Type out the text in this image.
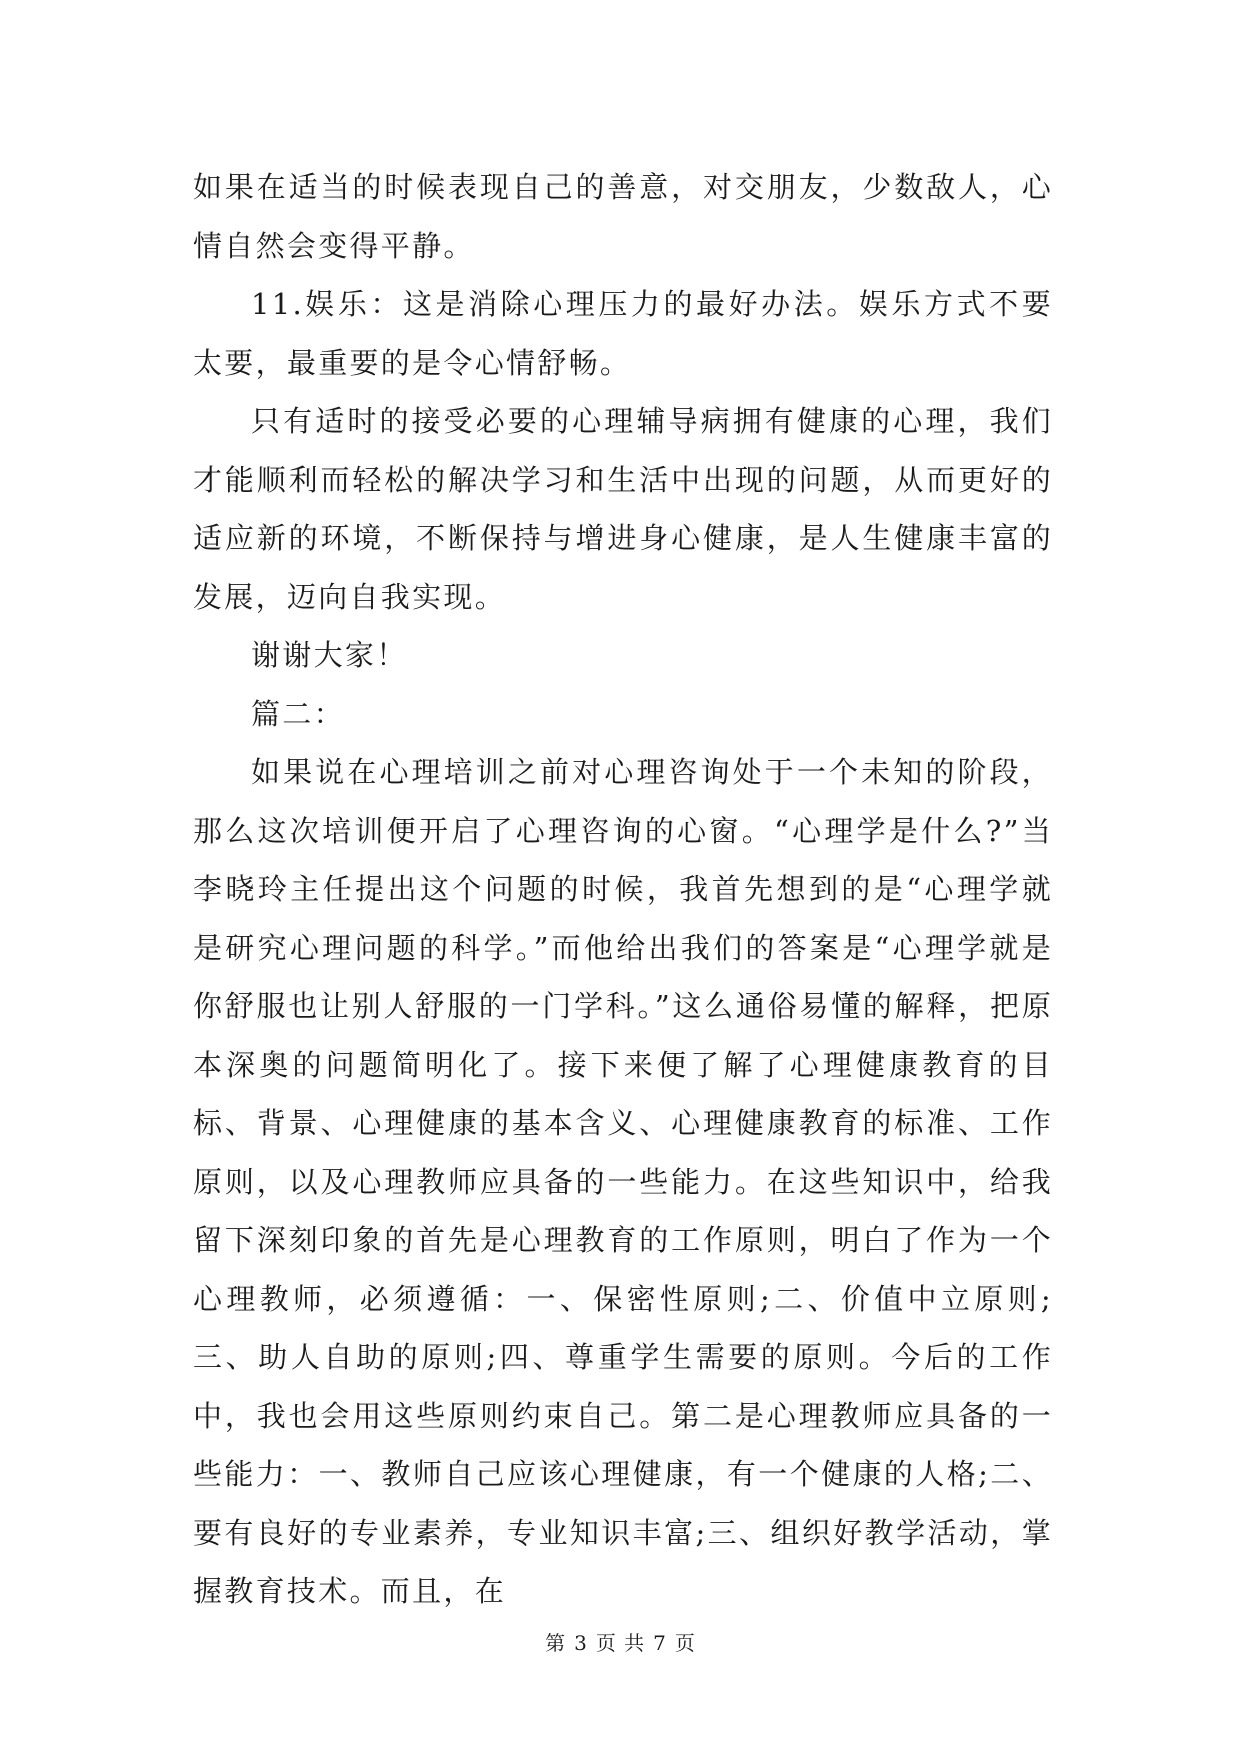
如果在适当的时候表现自己的善意，对交朋友，少数敌人，心情自然会变得平静。

11.娱乐：这是消除心理压力的最好办法。娱乐方式不要太要，最重要的是令心情舒畅。

只有适时的接受必要的心理辅导病拥有健康的心理，我们才能顺利而轻松的解决学习和生活中出现的问题，从而更好的适应新的环境，不断保持与增进身心健康，是人生健康丰富的发展，迈向自我实现。

谢谢大家！

篇二：

如果说在心理培训之前对心理咨询处于一个未知的阶段，那么这次培训便开启了心理咨询的心窗。“心理学是什么?”当李晓玲主任提出这个问题的时候，我首先想到的是“心理学就是研究心理问题的科学。”而他给出我们的答案是“心理学就是你舒服也让别人舒服的一门学科。”这么通俗易懂的解释，把原本深奥的问题简明化了。接下来便了解了心理健康教育的目标、背景、心理健康的基本含义、心理健康教育的标准、工作原则，以及心理教师应具备的一些能力。在这些知识中，给我留下深刻印象的首先是心理教育的工作原则，明白了作为一个心理教师，必须遵循：一、保密性原则;二、价值中立原则;三、助人自助的原则;四、尊重学生需要的原则。今后的工作中，我也会用这些原则约束自己。第二是心理教师应具备的一些能力：一、教师自己应该心理健康，有一个健康的人格;二、要有良好的专业素养，专业知识丰富;三、组织好教学活动，掌握教育技术。而且，在

第 3 页 共 7 页
